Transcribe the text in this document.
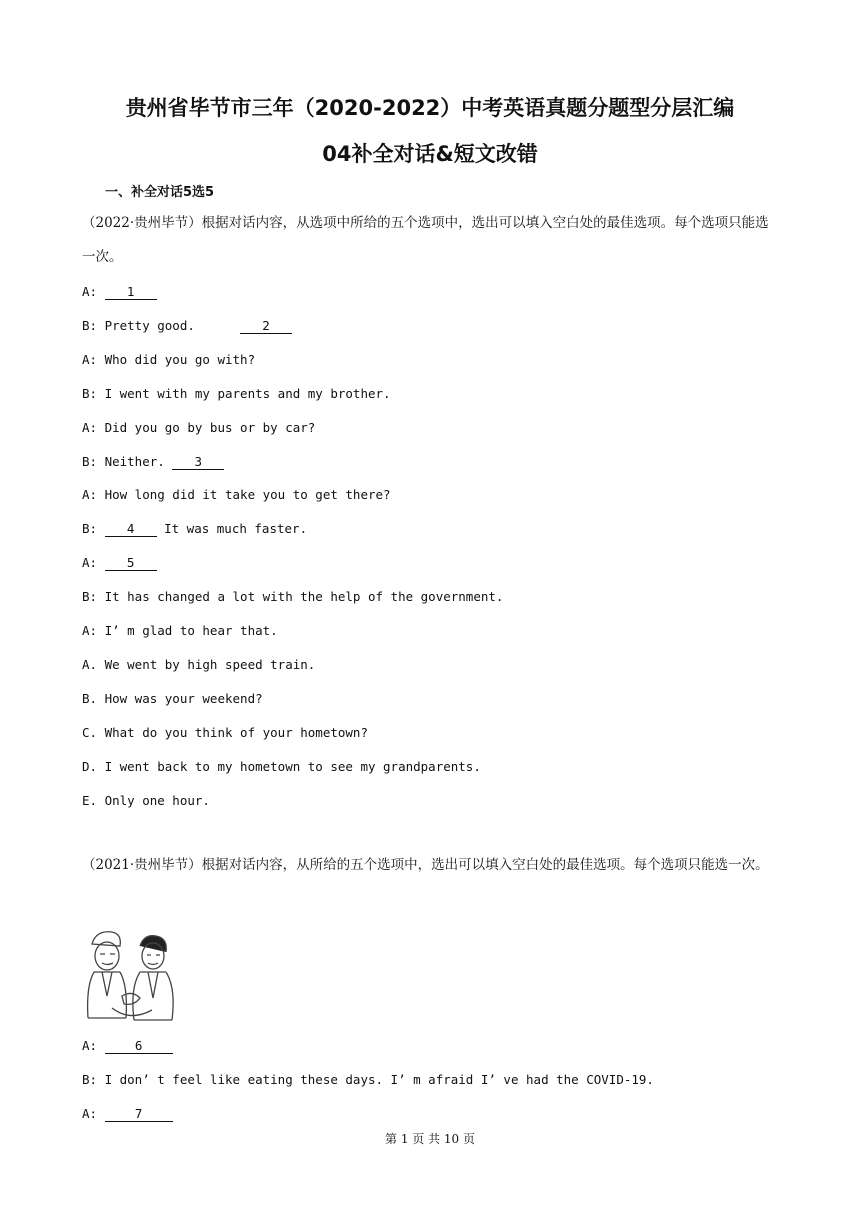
贵州省毕节市三年（2020-2022）中考英语真题分题型分层汇编
04补全对话&短文改错
一、补全对话5选5
（2022·贵州毕节）根据对话内容，从选项中所给的五个选项中，选出可以填入空白处的最佳选项。每个选项只能选一次。
A: 1
B: Pretty good.      2
A: Who did you go with?
B: I went with my parents and my brother.
A: Did you go by bus or by car?
B: Neither. 3
A: How long did it take you to get there?
B: 4 It was much faster.
A: 5
B: It has changed a lot with the help of the government.
A: I’ m glad to hear that.
A. We went by high speed train.
B. How was your weekend?
C. What do you think of your hometown?
D. I went back to my hometown to see my grandparents.
E. Only one hour.
（2021·贵州毕节）根据对话内容，从所给的五个选项中，选出可以填入空白处的最佳选项。每个选项只能选一次。
A: 6
B: I don’ t feel like eating these days. I’ m afraid I’ ve had the COVID-19.
A: 7
第 1 页 共 10 页
